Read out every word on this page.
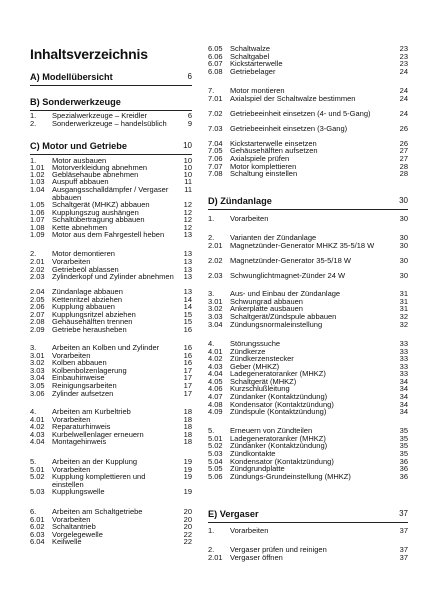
Inhaltsverzeichnis
A) Modellübersicht	6
B) Sonderwerkzeuge
1. Spezialwerkzeuge – Kreidler	6
2. Sonderwerkzeuge – handelsüblich	9
C) Motor und Getriebe	10
1. Motor ausbauen	10
1.01 Motorverkleidung abnehmen	10
1.02 Gebläsehaube abnehmen	10
1.03 Auspuff abbauen	11
1.04 Ausgangsschalldämpfer / Vergaser abbauen
11
1.05 Schaltgerät (MHKZ) abbauen	12
1.06 Kupplungszug aushängen	12
1.07 Schaltübertragung abbauen	12
1.08 Kette abnehmen	12
1.09 Motor aus dem Fahrgestell heben	13
2. Motor demontieren	13
2.01 Vorarbeiten	13
2.02 Getriebeöl ablassen	13
2.03 Zylinderkopf und Zylinder abnehmen 13
2.04 Zündanlage abbauen	13
2.05 Kettenritzel abziehen	14
2.06 Kupplung abbauen	14
2.07 Kupplungsritzel abziehen	15
2.08 Gehäusehälften trennen	15
2.09 Getriebe herausheben	16
3. Arbeiten an Kolben und Zylinder	16
3.01 Vorarbeiten	16
3.02 Kolben abbauen	16
3.03 Kolbenbolzenlagerung	17
3.04 Einbauhinweise	17
3.05 Reinigungsarbeiten	17
3.06 Zylinder aufsetzen	17
4. Arbeiten am Kurbeltrieb	18
4.01 Vorarbeiten	18
4.02 Reparaturhinweis	18
4.03 Kurbelwellenlager erneuern	18
4.04 Montagehinweis	18
5. Arbeiten an der Kupplung	19
5.01 Vorarbeiten	19
5.02 Kupplung komplettieren und einstellen
19
5.03 Kupplungswelle	19
6. Arbeiten am Schaltgetriebe	20
6.01 Vorarbeiten	20
6.02 Schaltantrieb	20
6.03 Vorgelegewelle	22
6.04 Keilwelle	22
6.05 Schaltwalze	23
6.06 Schaltgabel	23
6.07 Kickstarterwelle	23
6.08 Getriebelager	24
7. Motor montieren	24
7.01 Axialspiel der Schaltwalze bestimmen	24
7.02 Getriebeeinheit einsetzen (4- und 5-Gang)	24
7.03 Getriebeeinheit einsetzen (3-Gang)	26
7.04 Kickstarterwelle einsetzen	26
7.05 Gehäusehälften aufsetzen	27
7.06 Axialspiele prüfen	27
7.07 Motor komplettieren	28
7.08 Schaltung einstellen	28
D) Zündanlage	30
1. Vorarbeiten	30
2. Varianten der Zündanlage	30
2.01 Magnetzünder-Generator MHKZ 35-5/18 W	30
2.02 Magnetzünder-Generator 35-5/18 W	30
2.03 Schwunglichtmagnet-Zünder 24 W	30
3. Aus- und Einbau der Zündanlage	31
3.01 Schwungrad abbauen	31
3.02 Ankerplatte ausbauen	31
3.03 Schaltgerät/Zündspule abbauen	32
3.04 Zündungsnormaleinstellung	32
4. Störungssuche	33
4.01 Zündkerze	33
4.02 Zündkerzenstecker	33
4.03 Geber (MHKZ)	33
4.04 Ladegeneratoranker (MHKZ)	33
4.05 Schaltgerät (MHKZ)	34
4.06 Kurzschlußleitung	34
4.07 Zündanker (Kontaktzündung)	34
4.08 Kondensator (Kontaktzündung)	34
4.09 Zündspule (Kontaktzündung)	34
5. Erneuern von Zündteilen	35
5.01 Ladegeneratoranker (MHKZ)	35
5.02 Zündanker (Kontaktzündung)	35
5.03 Zündkontakte	35
5.04 Kondensator (Kontaktzündung)	36
5.05 Zündgrundplatte	36
5.06 Zündungs-Grundeinstellung (MHKZ)	36
E) Vergaser	37
1. Vorarbeiten	37
2. Vergaser prüfen und reinigen	37
2.01 Vergaser öffnen	37
